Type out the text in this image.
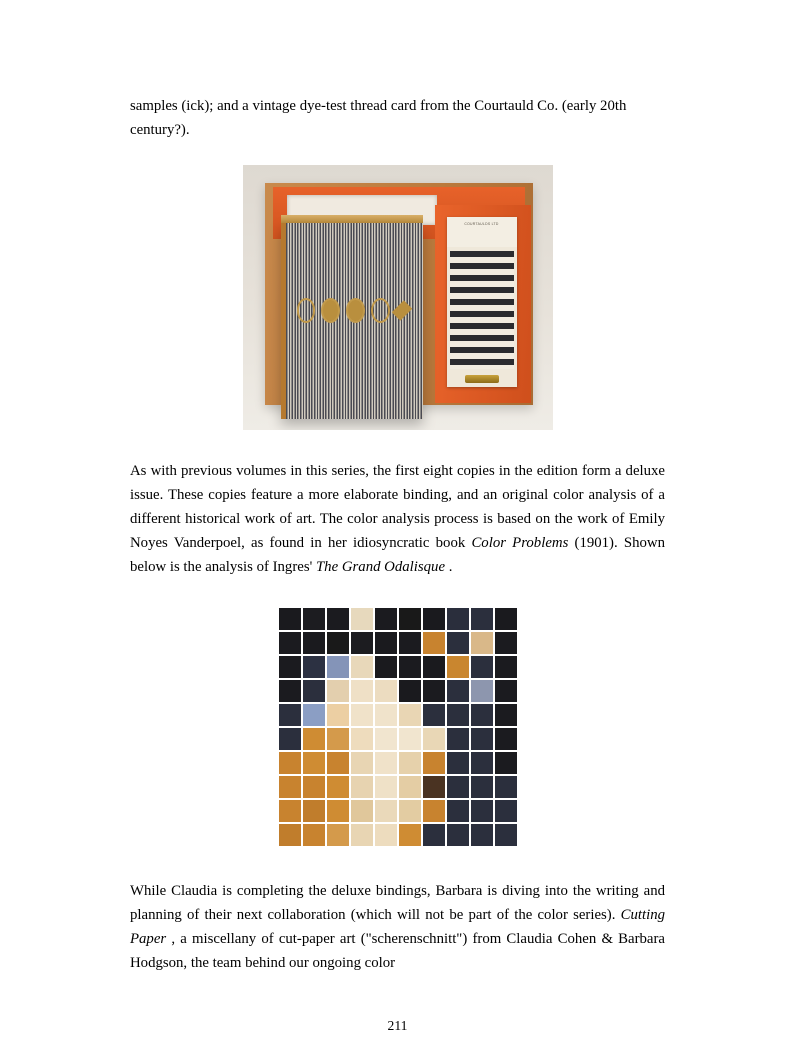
samples (ick); and a vintage dye-test thread card from the Courtauld Co. (early 20th century?).

COURTAULDS LTD

As with previous volumes in this series, the first eight copies in the edition form a deluxe issue. These copies feature a more elaborate binding, and an original color analysis of a different historical work of art. The color analysis process is based on the work of Emily Noyes Vanderpoel, as found in her idiosyncratic book Color Problems (1901). Shown below is the analysis of Ingres' The Grand Odalisque .

While Claudia is completing the deluxe bindings, Barbara is diving into the writing and planning of their next collaboration (which will not be part of the color series). Cutting Paper , a miscellany of cut-paper art ("scherenschnitt") from Claudia Cohen & Barbara Hodgson, the team behind our ongoing color

211
